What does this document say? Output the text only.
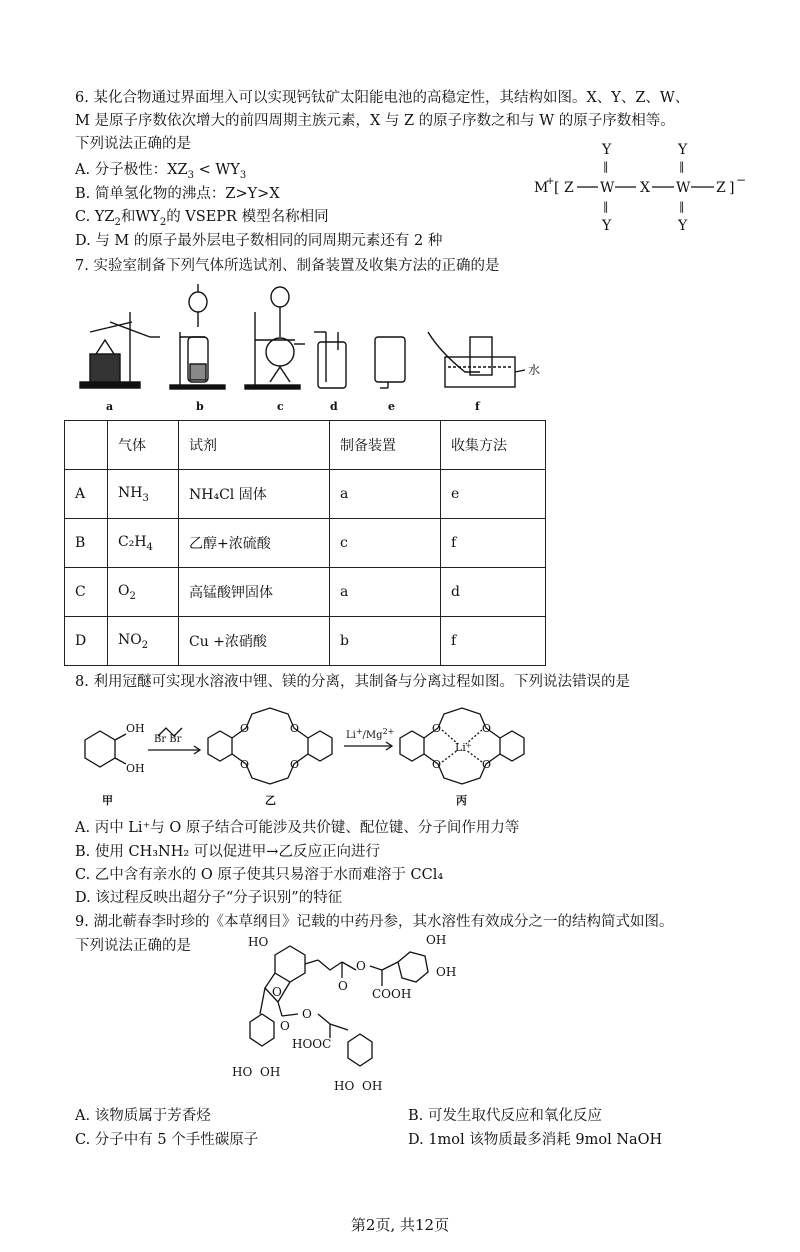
6. 某化合物通过界面埋入可以实现钙钛矿太阳能电池的高稳定性，其结构如图。X、Y、Z、W、
M 是原子序数依次增大的前四周期主族元素，X 与 Z 的原子序数之和与 W 的原子序数相等。
下列说法正确的是
A. 分子极性：$XZ_3 < WY_3$
B. 简单氢化物的沸点：Z>Y>X
C. $YZ_2$和$WY_2$的 VSEPR 模型名称相同
D. 与 M 的原子最外层电子数相同的同周期元素还有 2 种
Y	Y
‖	‖
M
+ [ Z W X W Z ] −
‖	‖
Y	Y
7. 实验室制备下列气体所选试剂、制备装置及收集方法的正确的是
a	b	c	d	e	f
水
	气体	试剂	制备装置	收集方法
A	$NH_3$	NH₄Cl 固体	a	e
B	$C_2H_4$	乙醇+浓硫酸	c	f
C	$O_2$	高锰酸钾固体	a	d
D	$NO_2$	Cu +浓硝酸	b	f
8. 利用冠醚可实现水溶液中锂、镁的分离，其制备与分离过程如图。下列说法错误的是
OH
OH
Br Br	$Li^+/Mg^{2+}$
O	O
O	O
O	O
O	O
Li⁺
甲	乙	丙
A. 丙中 Li⁺与 O 原子结合可能涉及共价键、配位键、分子间作用力等
B. 使用 CH₃NH₂ 可以促进甲→乙反应正向进行
C. 乙中含有亲水的 O 原子使其只易溶于水而难溶于 CCl₄
D. 该过程反映出超分子“分子识别”的特征
9. 湖北蕲春李时珍的《本草纲目》记载的中药丹参，其水溶性有效成分之一的结构简式如图。
下列说法正确的是	HO	OH
OH
O
O
COOH
O
O
O
HOOC
HO OH
HO OH
A. 该物质属于芳香烃	B. 可发生取代反应和氧化反应
C. 分子中有 5 个手性碳原子	D. 1mol 该物质最多消耗 9mol NaOH
第2页, 共12页
